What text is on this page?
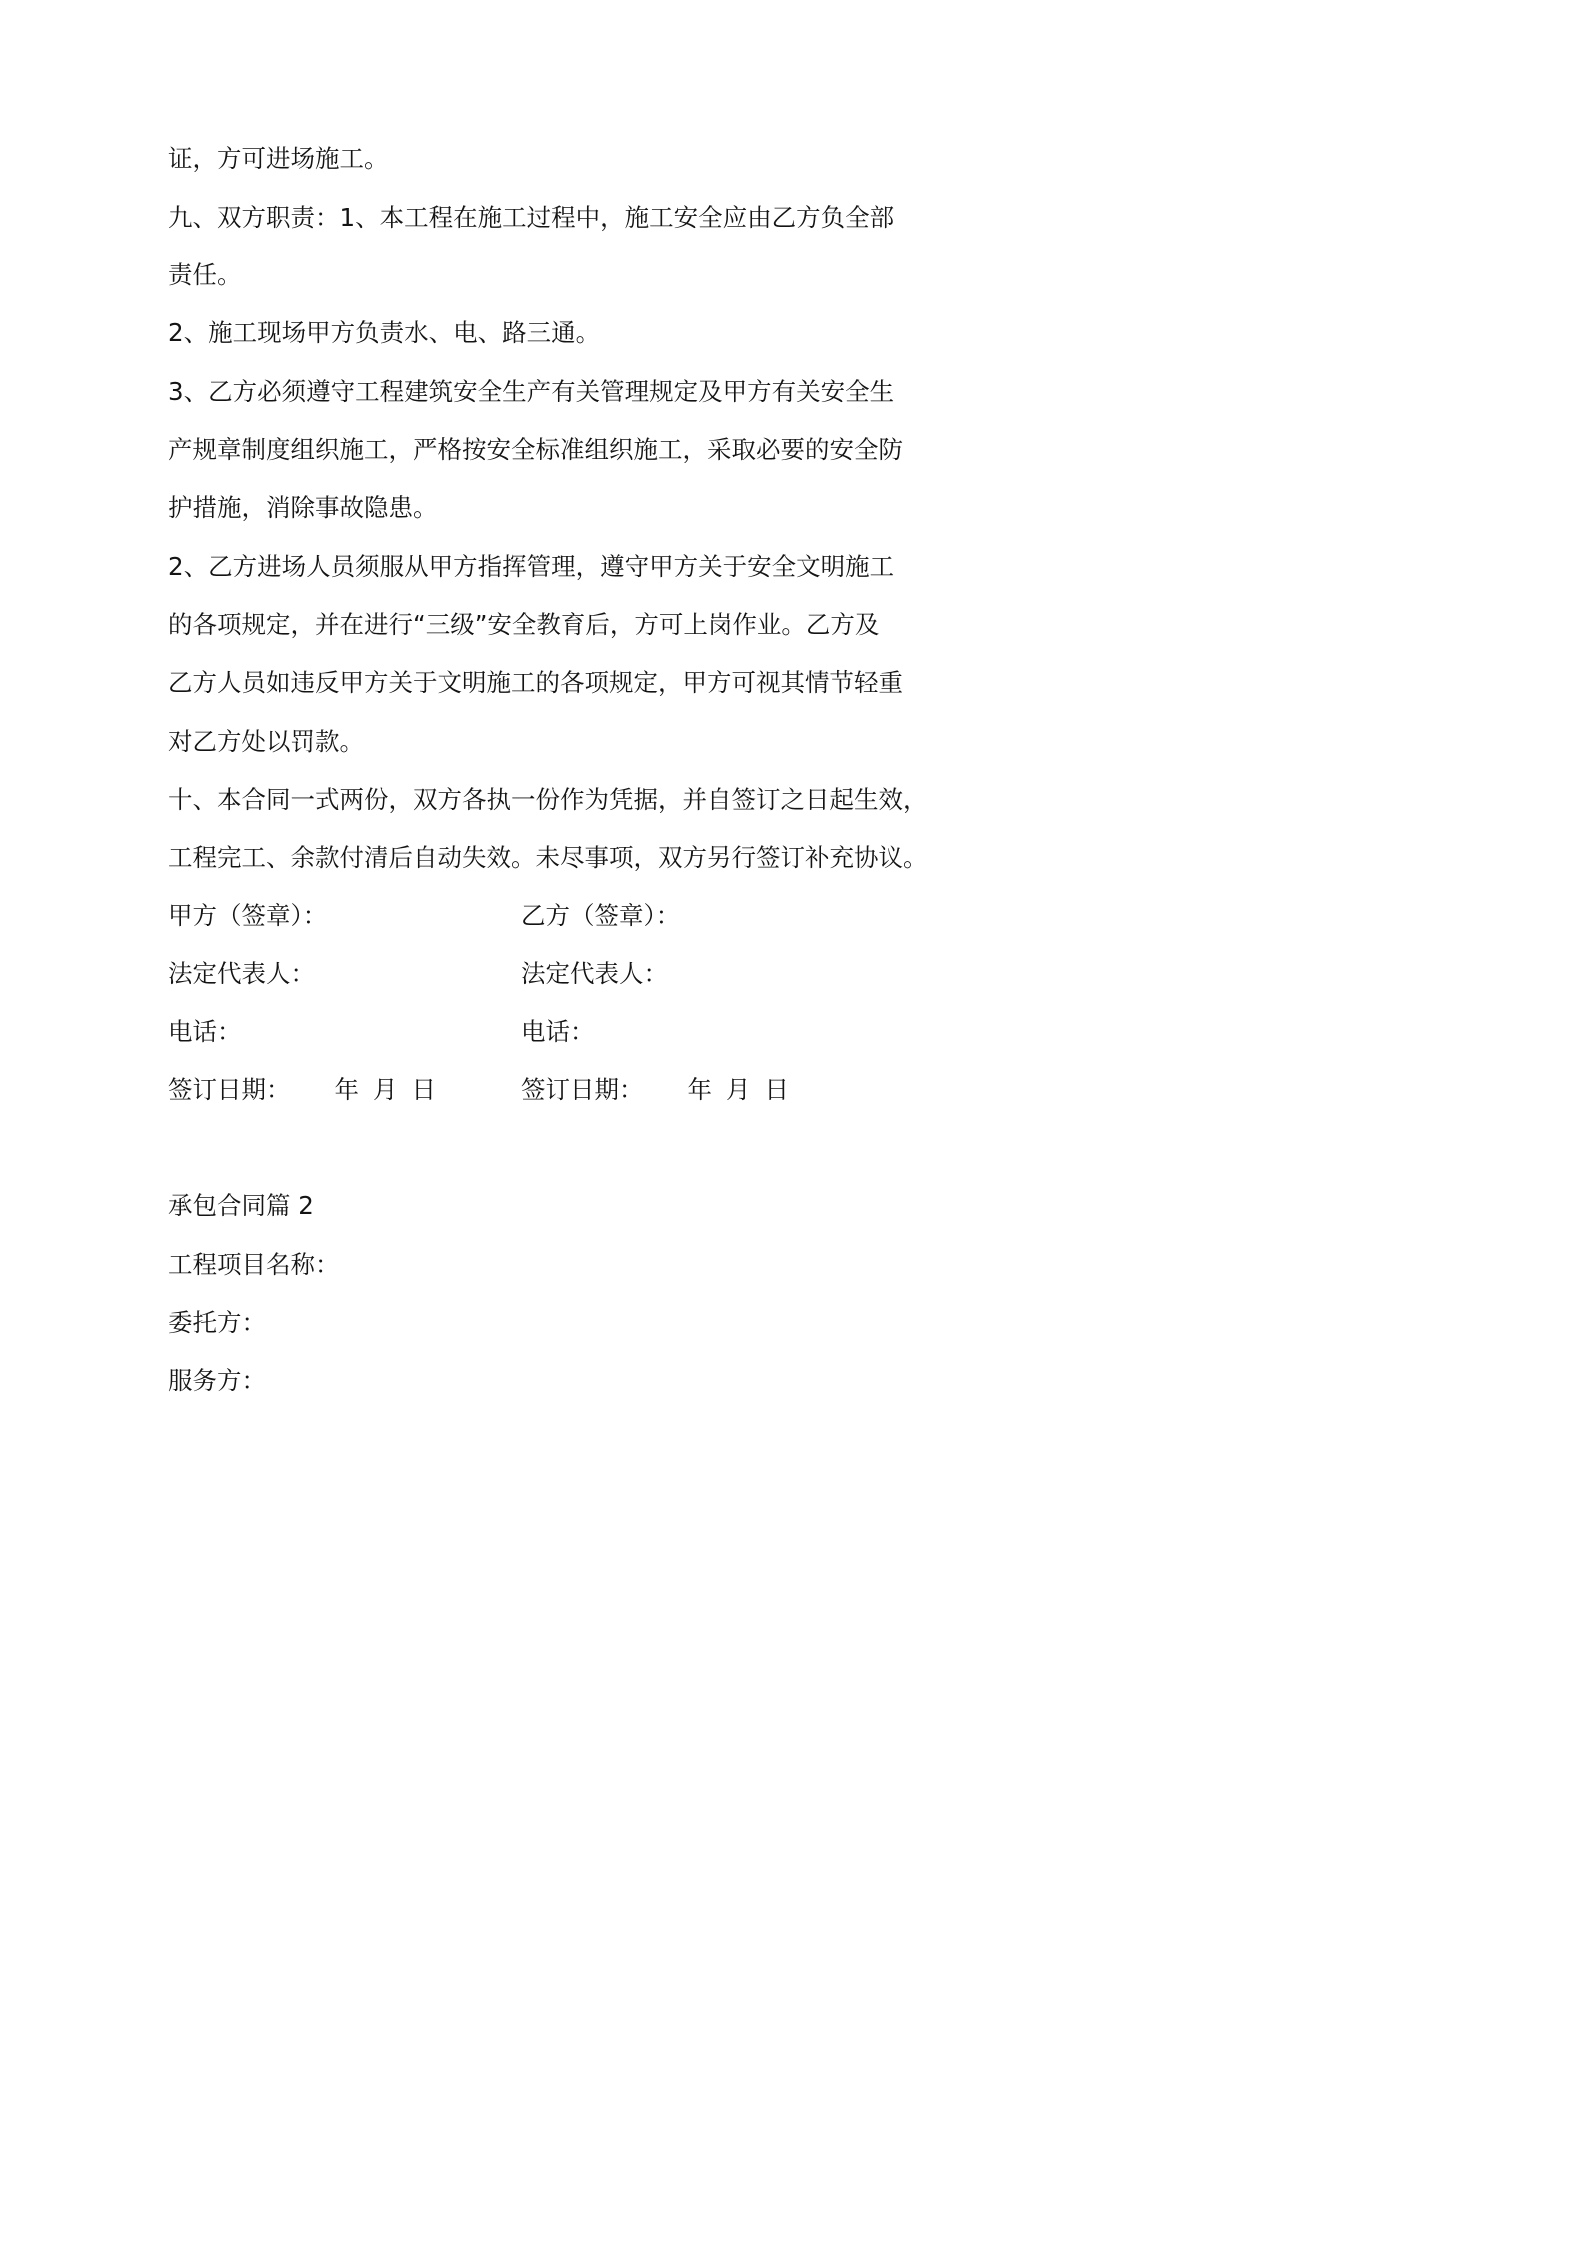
证，方可进场施工。

九、双方职责：1、本工程在施工过程中，施工安全应由乙方负全部

责任。

2、施工现场甲方负责水、电、路三通。

3、乙方必须遵守工程建筑安全生产有关管理规定及甲方有关安全生

产规章制度组织施工，严格按安全标准组织施工，采取必要的安全防

护措施，消除事故隐患。

2、乙方进场人员须服从甲方指挥管理，遵守甲方关于安全文明施工

的各项规定，并在进行“三级”安全教育后，方可上岗作业。乙方及

乙方人员如违反甲方关于文明施工的各项规定，甲方可视其情节轻重

对乙方处以罚款。

十、本合同一式两份，双方各执一份作为凭据，并自签订之日起生效，

工程完工、余款付清后自动失效。未尽事项，双方另行签订补充协议。

甲方（签章）：

法定代表人：

电话：

签订日期： 年 月 日

乙方（签章）：

法定代表人：

电话：

签订日期： 年 月 日

承包合同篇 2

工程项目名称：

委托方：

服务方：
